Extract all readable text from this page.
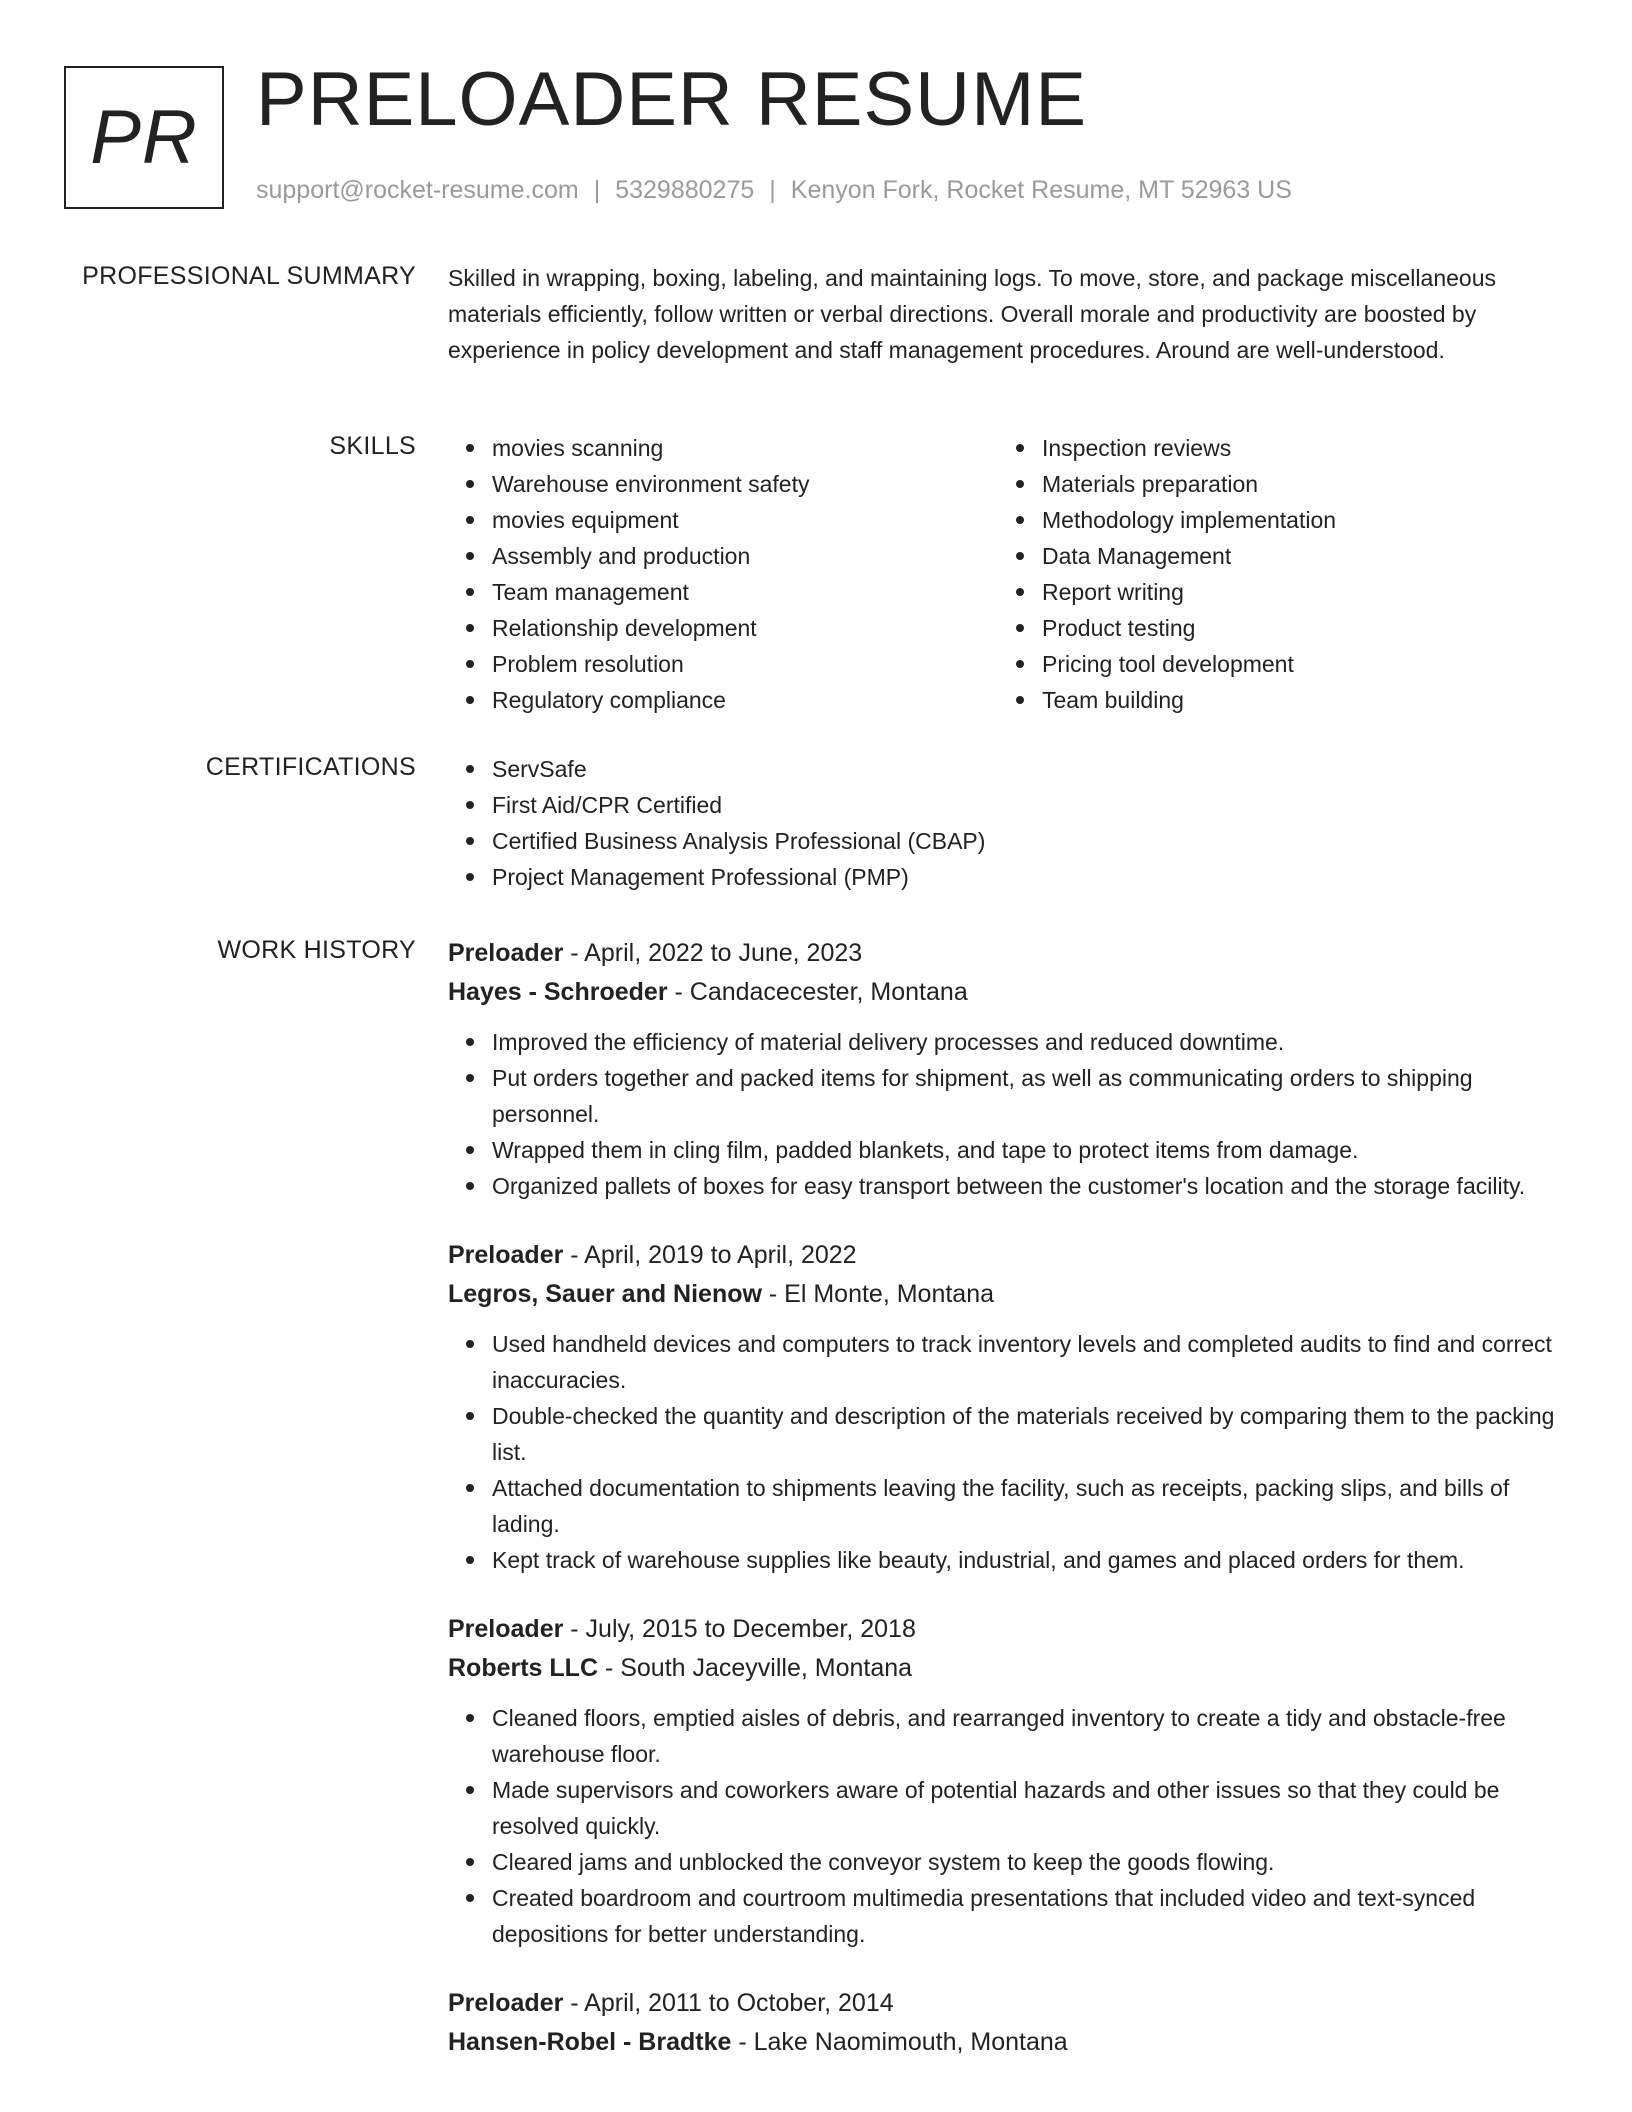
PR PRELOADER RESUME
support@rocket-resume.com | 5329880275 | Kenyon Fork, Rocket Resume, MT 52963 US
PROFESSIONAL SUMMARY Skilled in wrapping, boxing, labeling, and maintaining logs. To move, store, and package miscellaneous materials efficiently, follow written or verbal directions. Overall morale and productivity are boosted by experience in policy development and staff management procedures. Around are well-understood.
SKILLS	movies scanning
Warehouse environment safety
movies equipment
Assembly and production
Team management
Relationship development
Problem resolution
Regulatory compliance
Inspection reviews
Materials preparation
Methodology implementation
Data Management
Report writing
Product testing
Pricing tool development
Team building
CERTIFICATIONS	ServSafe
First Aid/CPR Certified
Certified Business Analysis Professional (CBAP)
Project Management Professional (PMP)
WORK HISTORY Preloader - April, 2022 to June, 2023
Hayes - Schroeder - Candacecester, Montana
Improved the efficiency of material delivery processes and reduced downtime.
Put orders together and packed items for shipment, as well as communicating orders to shipping personnel.
Wrapped them in cling film, padded blankets, and tape to protect items from damage.
Organized pallets of boxes for easy transport between the customer's location and the storage facility.
Preloader - April, 2019 to April, 2022
Legros, Sauer and Nienow - El Monte, Montana
Used handheld devices and computers to track inventory levels and completed audits to find and correct inaccuracies.
Double-checked the quantity and description of the materials received by comparing them to the packing list.
Attached documentation to shipments leaving the facility, such as receipts, packing slips, and bills of lading.
Kept track of warehouse supplies like beauty, industrial, and games and placed orders for them.
Preloader - July, 2015 to December, 2018
Roberts LLC - South Jaceyville, Montana
Cleaned floors, emptied aisles of debris, and rearranged inventory to create a tidy and obstacle-free warehouse floor.
Made supervisors and coworkers aware of potential hazards and other issues so that they could be resolved quickly.
Cleared jams and unblocked the conveyor system to keep the goods flowing.
Created boardroom and courtroom multimedia presentations that included video and text-synced depositions for better understanding.
Preloader - April, 2011 to October, 2014
Hansen-Robel - Bradtke - Lake Naomimouth, Montana
